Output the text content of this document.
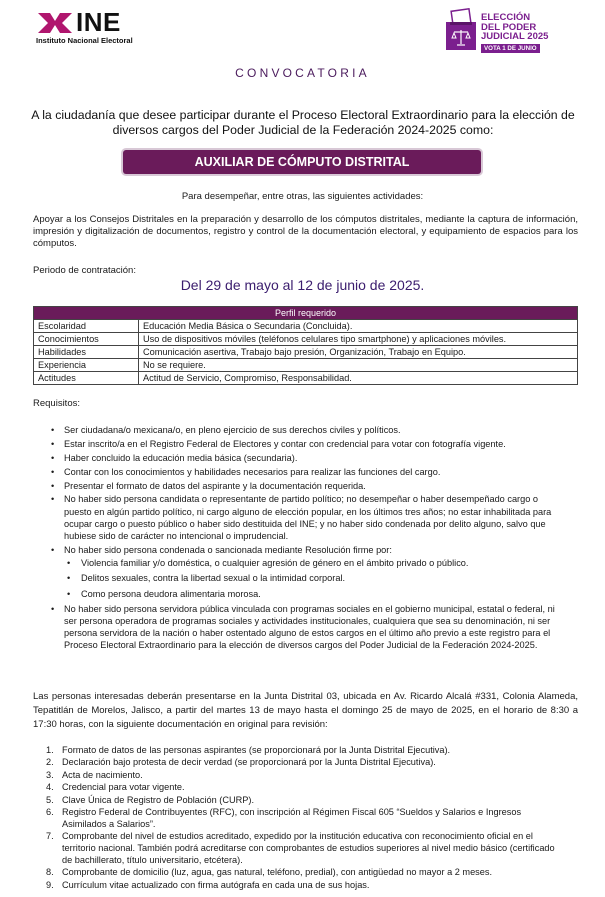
INE
Instituto Nacional Electoral
ELECCIÓN
DEL PODER
JUDICIAL 2025
VOTA 1 DE JUNIO
CONVOCATORIA
A la ciudadanía que desee participar durante el Proceso Electoral Extraordinario para la elección de diversos cargos del Poder Judicial de la Federación 2024-2025 como:
AUXILIAR DE CÓMPUTO DISTRITAL
Para desempeñar, entre otras, las siguientes actividades:
Apoyar a los Consejos Distritales en la preparación y desarrollo de los cómputos distritales, mediante la captura de información, impresión y digitalización de documentos, registro y control de la documentación electoral, y equipamiento de espacios para los cómputos.
Periodo de contratación:
Del 29 de mayo al 12 de junio de 2025.
Perfil requerido	
Escolaridad	Educación Media Básica o Secundaria (Concluida).
Conocimientos	Uso de dispositivos móviles (teléfonos celulares tipo smartphone) y aplicaciones móviles.
Habilidades	Comunicación asertiva, Trabajo bajo presión, Organización, Trabajo en Equipo.
Experiencia	No se requiere.
Actitudes	Actitud de Servicio, Compromiso, Responsabilidad.
Requisitos:
• Ser ciudadana/o mexicana/o, en pleno ejercicio de sus derechos civiles y políticos.
• Estar inscrito/a en el Registro Federal de Electores y contar con credencial para votar con fotografía vigente.
• Haber concluido la educación media básica (secundaria).
• Contar con los conocimientos y habilidades necesarios para realizar las funciones del cargo.
• Presentar el formato de datos del aspirante y la documentación requerida.
• No haber sido persona candidata o representante de partido político; no desempeñar o haber desempeñado cargo o puesto en algún partido político, ni cargo alguno de elección popular, en los últimos tres años; no estar inhabilitada para ocupar cargo o puesto público o haber sido destituida del INE; y no haber sido condenada por delito alguno, salvo que hubiese sido de carácter no intencional o imprudencial.
• No haber sido persona condenada o sancionada mediante Resolución firme por:
• Violencia familiar y/o doméstica, o cualquier agresión de género en el ámbito privado o público.
• Delitos sexuales, contra la libertad sexual o la intimidad corporal.
• Como persona deudora alimentaria morosa.
• No haber sido persona servidora pública vinculada con programas sociales en el gobierno municipal, estatal o federal, ni ser persona operadora de programas sociales y actividades institucionales, cualquiera que sea su denominación, ni ser persona servidora de la nación o haber ostentado alguno de estos cargos en el último año previo a este registro para el Proceso Electoral Extraordinario para la elección de diversos cargos del Poder Judicial de la Federación 2024-2025.
Las personas interesadas deberán presentarse en la Junta Distrital 03, ubicada en Av. Ricardo Alcalá #331, Colonia Alameda, Tepatitlán de Morelos, Jalisco, a partir del martes 13 de mayo hasta el domingo 25 de mayo de 2025, en el horario de 8:30 a 17:30 horas, con la siguiente documentación en original para revisión:
1. Formato de datos de las personas aspirantes (se proporcionará por la Junta Distrital Ejecutiva).
2. Declaración bajo protesta de decir verdad (se proporcionará por la Junta Distrital Ejecutiva).
3. Acta de nacimiento.
4. Credencial para votar vigente.
5. Clave Única de Registro de Población (CURP).
6. Registro Federal de Contribuyentes (RFC), con inscripción al Régimen Fiscal 605 “Sueldos y Salarios e Ingresos Asimilados a Salarios”.
7. Comprobante del nivel de estudios acreditado, expedido por la institución educativa con reconocimiento oficial en el territorio nacional. También podrá acreditarse con comprobantes de estudios superiores al nivel medio básico (certificado de bachillerato, título universitario, etcétera).
8. Comprobante de domicilio (luz, agua, gas natural, teléfono, predial), con antigüedad no mayor a 2 meses.
9. Currículum vitae actualizado con firma autógrafa en cada una de sus hojas.
